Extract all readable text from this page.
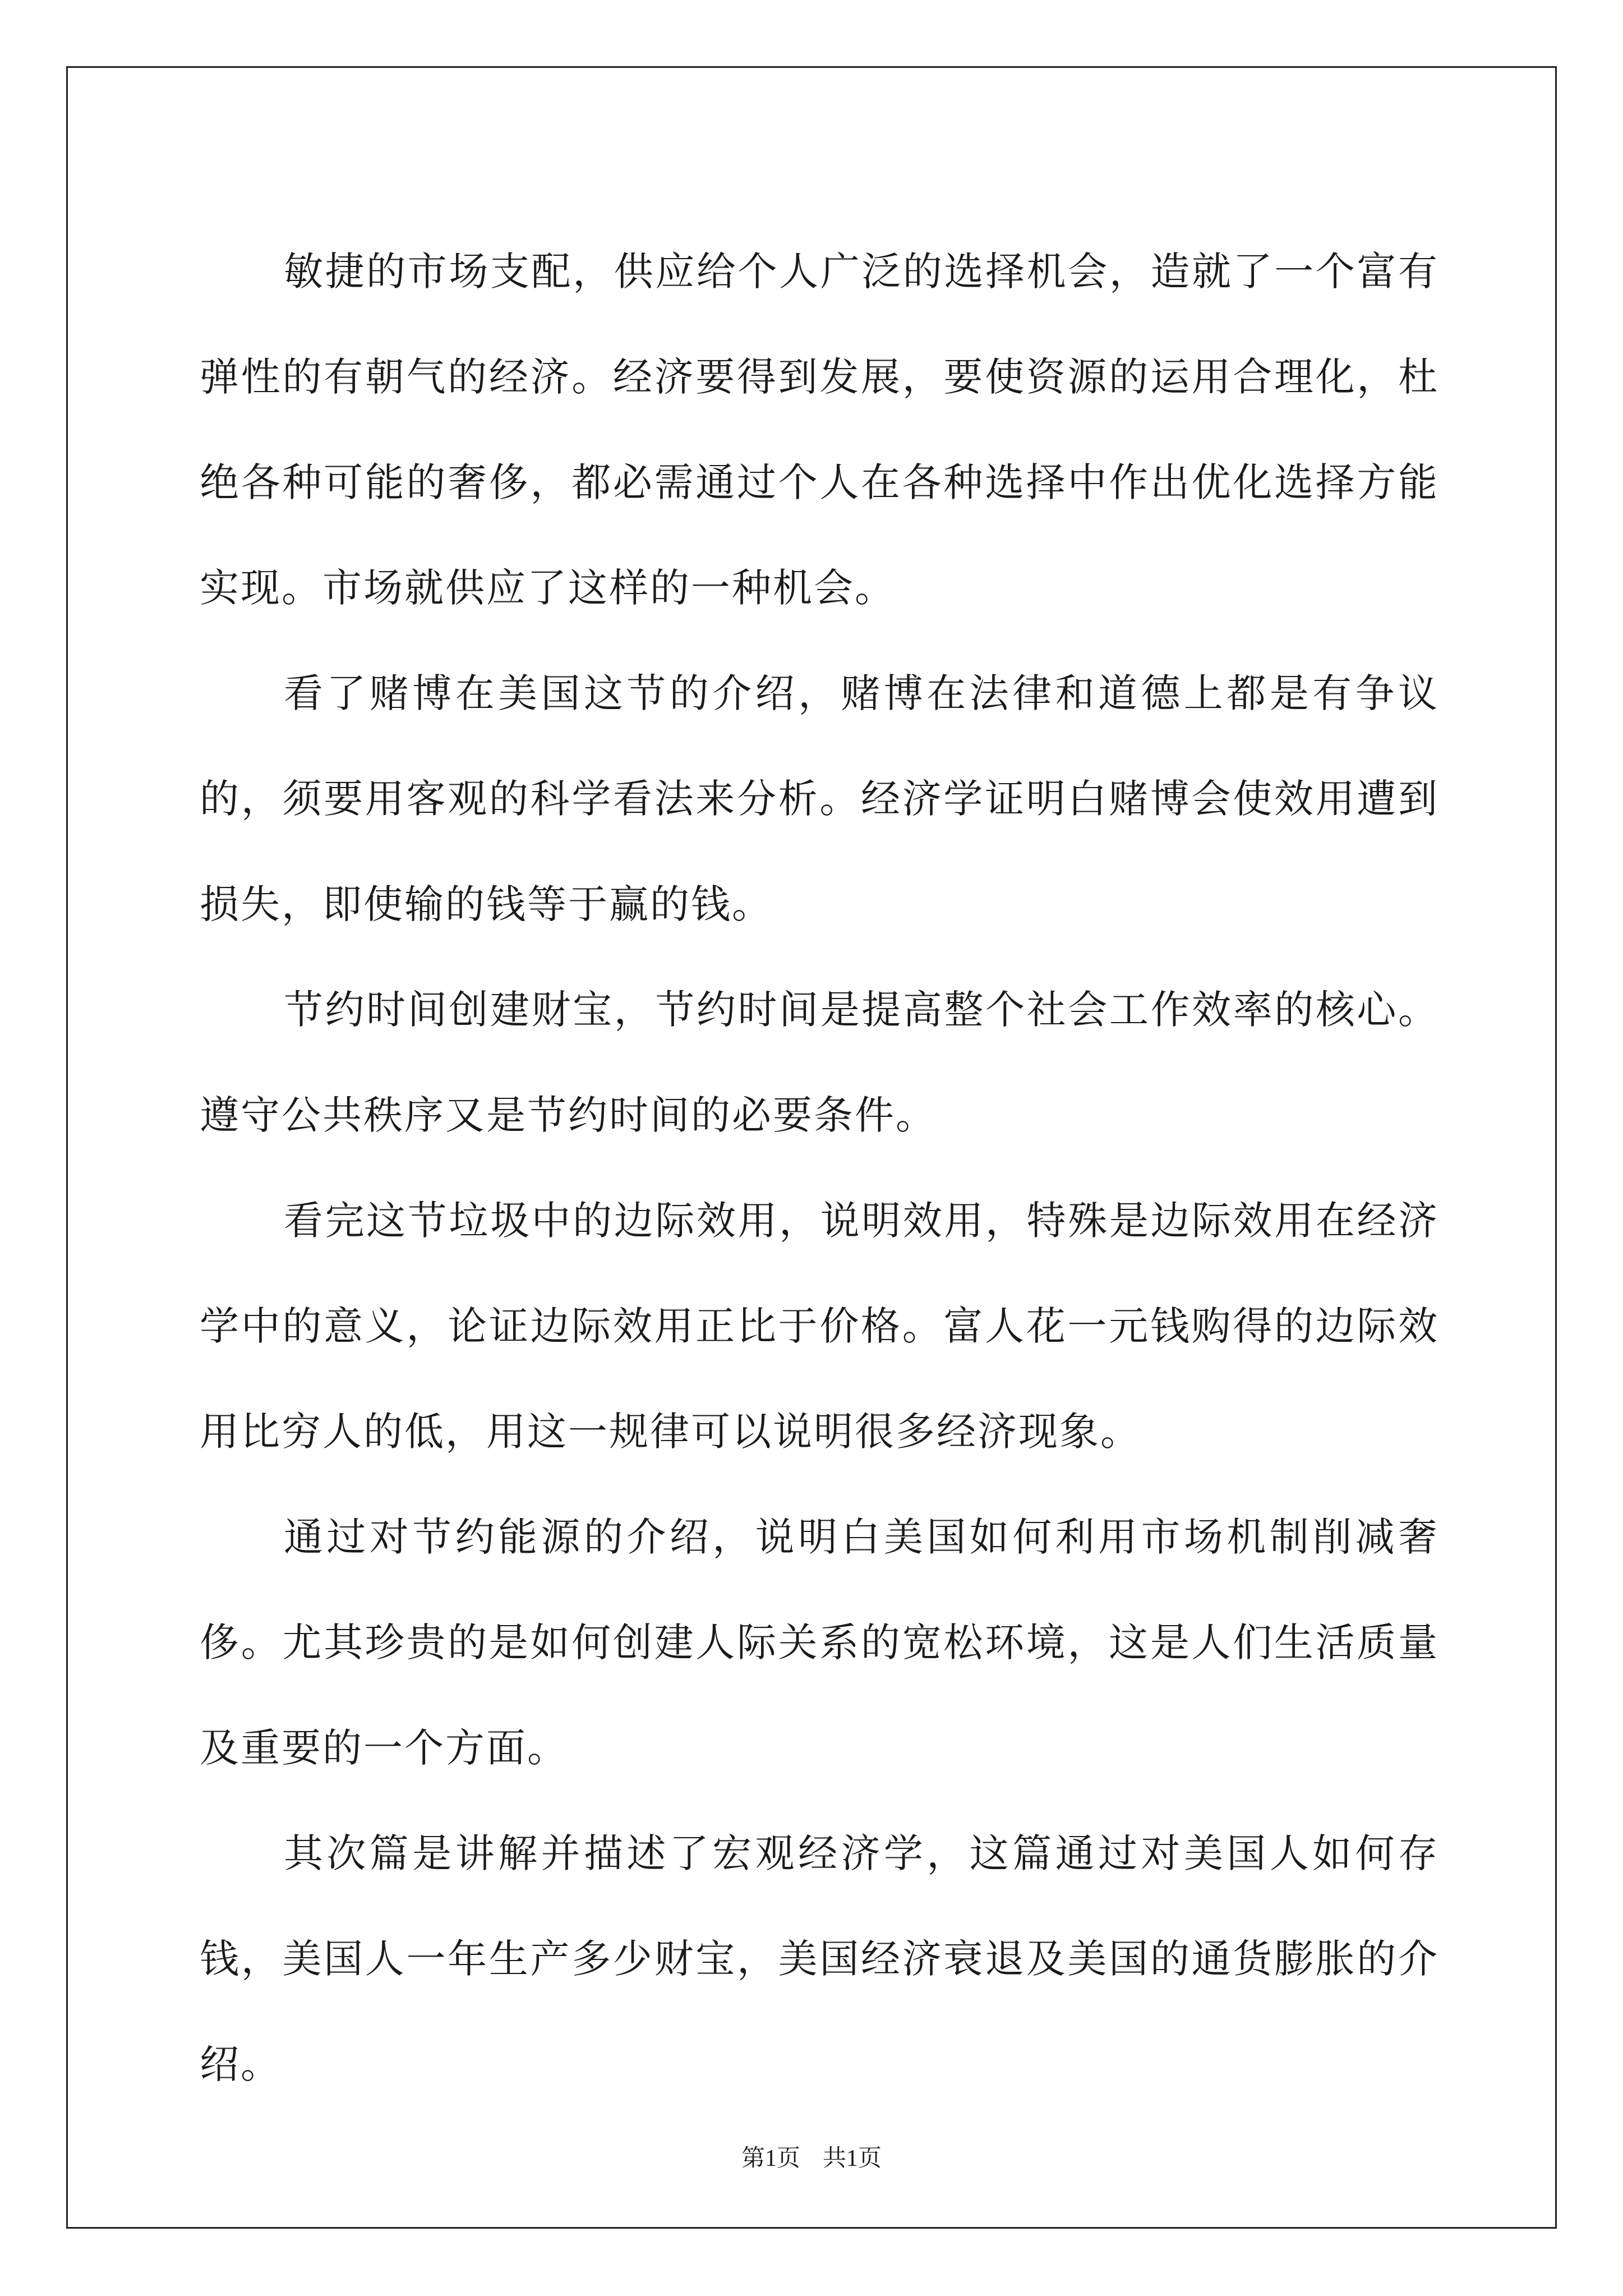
敏捷的市场支配，供应给个人广泛的选择机会，造就了一个富有弹性的有朝气的经济。经济要得到发展，要使资源的运用合理化，杜绝各种可能的奢侈，都必需通过个人在各种选择中作出优化选择方能实现。市场就供应了这样的一种机会。

看了赌博在美国这节的介绍，赌博在法律和道德上都是有争议的，须要用客观的科学看法来分析。经济学证明白赌博会使效用遭到损失，即使输的钱等于赢的钱。

节约时间创建财宝，节约时间是提高整个社会工作效率的核心。遵守公共秩序又是节约时间的必要条件。

看完这节垃圾中的边际效用，说明效用，特殊是边际效用在经济学中的意义，论证边际效用正比于价格。富人花一元钱购得的边际效用比穷人的低，用这一规律可以说明很多经济现象。

通过对节约能源的介绍，说明白美国如何利用市场机制削减奢侈。尤其珍贵的是如何创建人际关系的宽松环境，这是人们生活质量及重要的一个方面。

其次篇是讲解并描述了宏观经济学，这篇通过对美国人如何存钱，美国人一年生产多少财宝，美国经济衰退及美国的通货膨胀的介绍。

第1页 共1页
